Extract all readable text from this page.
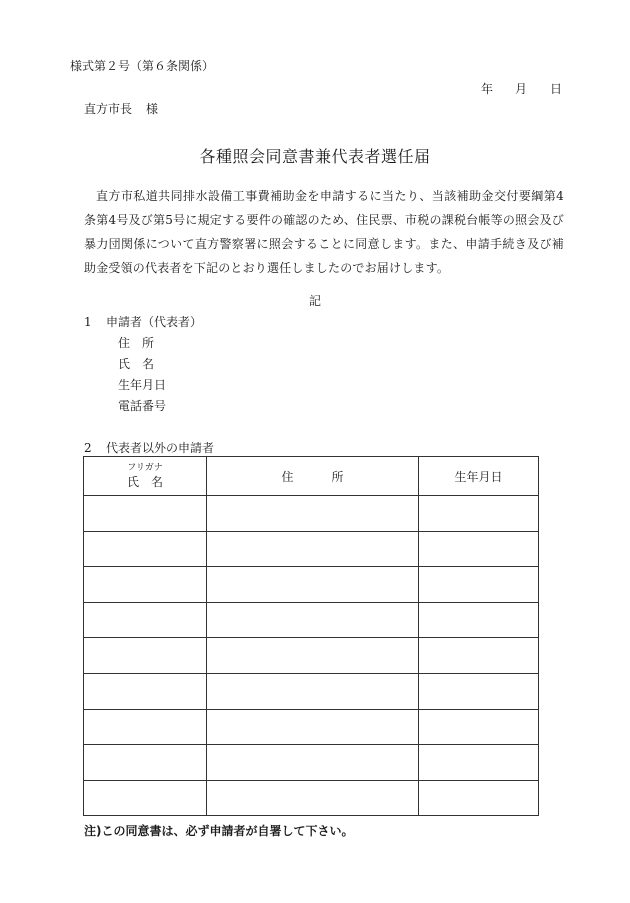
様式第２号（第６条関係）
年 月 日
直方市長 様
各種照会同意書兼代表者選任届
直方市私道共同排水設備工事費補助金を申請するに当たり、当該補助金交付要綱第4条第4号及び第5号に規定する要件の確認のため、住民票、市税の課税台帳等の照会及び暴力団関係について直方警察署に照会することに同意します。また、申請手続き及び補助金受領の代表者を下記のとおり選任しましたのでお届けします。
記
1 申請者（代表者）
住　所
氏　名
生年月日
電話番号
2 代表者以外の申請者
フリガナ
氏　名	住所	生年月日

注)この同意書は、必ず申請者が自署して下さい。
